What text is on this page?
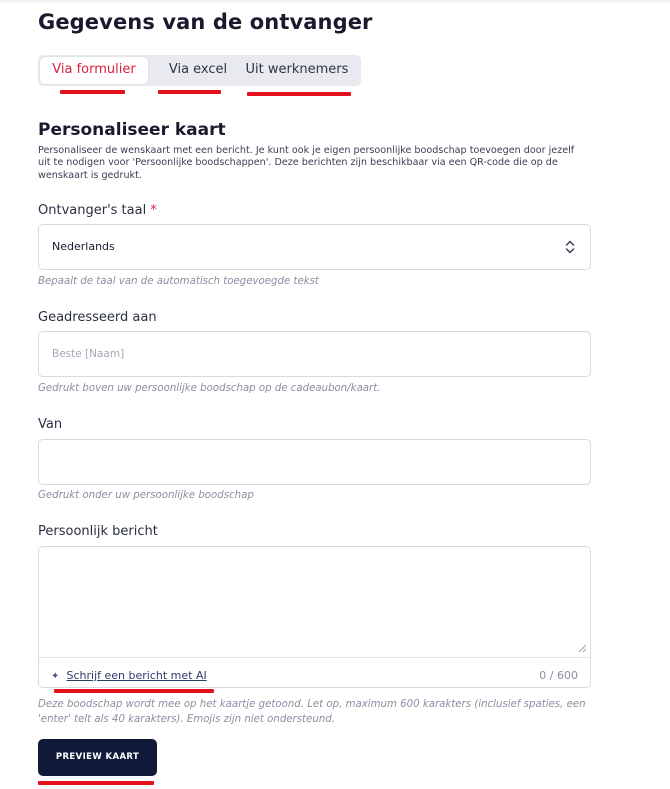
Gegevens van de ontvanger
Via formulier	Via excel	Uit werknemers
Personaliseer kaart
Personaliseer de wenskaart met een bericht. Je kunt ook je eigen persoonlijke boodschap toevoegen door jezelf uit te nodigen voor 'Persoonlijke boodschappen'. Deze berichten zijn beschikbaar via een QR-code die op de wenskaart is gedrukt.
Ontvanger's taal *
Nederlands
Bepaalt de taal van de automatisch toegevoegde tekst
Geadresseerd aan
Beste [Naam]
Gedrukt boven uw persoonlijke boodschap op de cadeaubon/kaart.
Van
Gedrukt onder uw persoonlijke boodschap
Persoonlijk bericht
✦ Schrijf een bericht met AI	0 / 600
Deze boodschap wordt mee op het kaartje getoond. Let op, maximum 600 karakters (inclusief spaties, een 'enter' telt als 40 karakters). Emojis zijn niet ondersteund.
PREVIEW KAART
